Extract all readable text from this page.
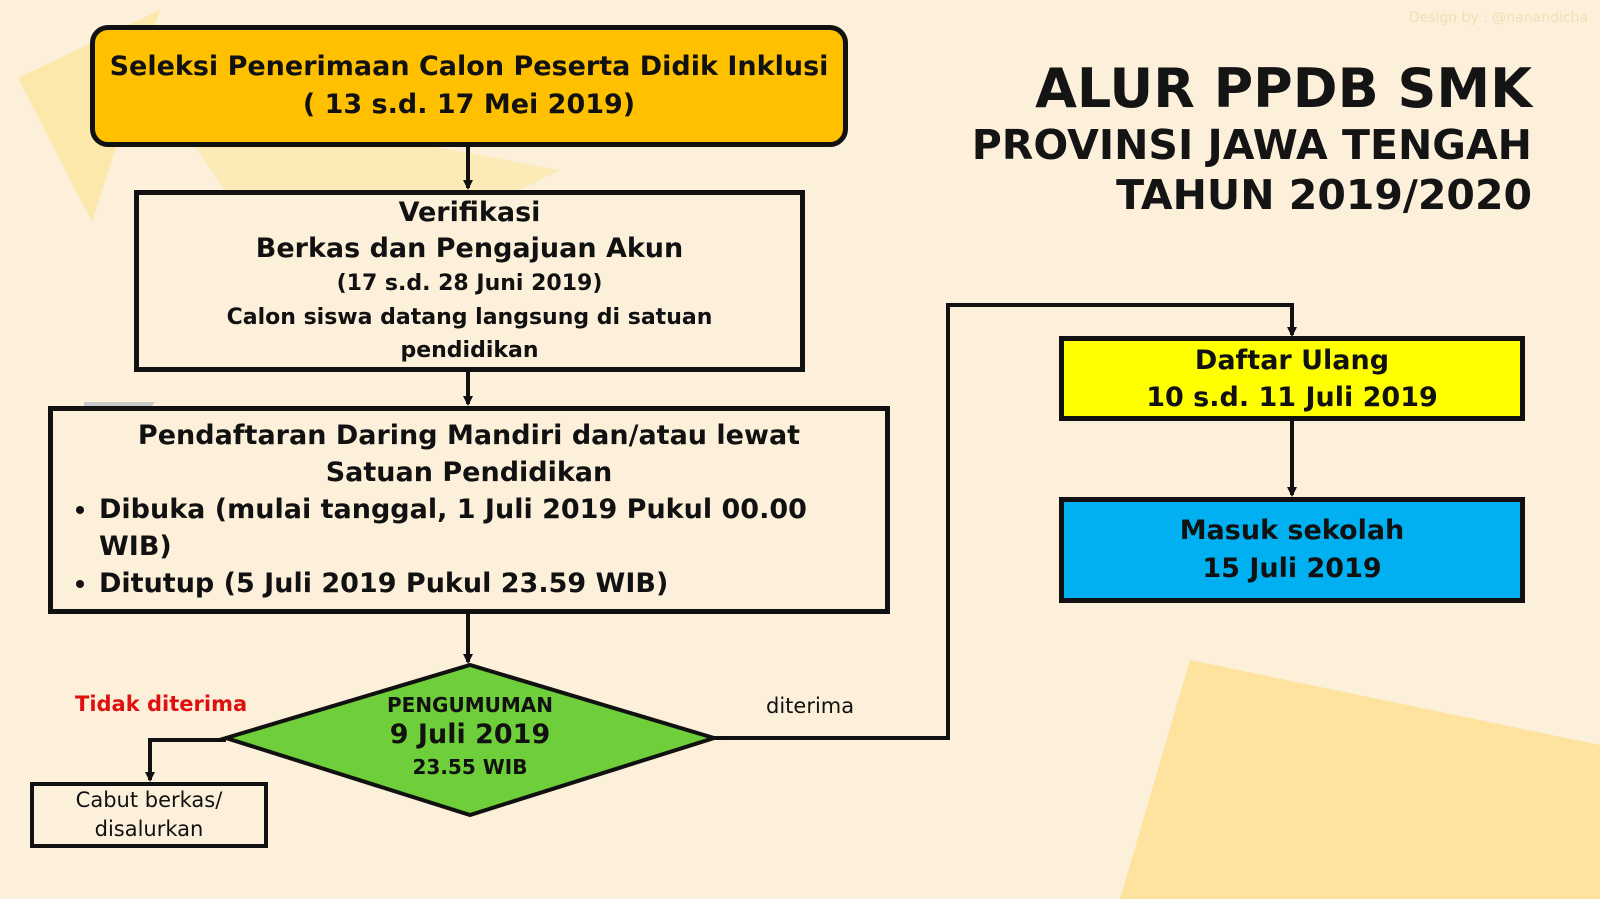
Design by : @nanandicha
ALUR PPDB SMK
PROVINSI JAWA TENGAH
TAHUN 2019/2020
Seleksi Penerimaan Calon Peserta Didik Inklusi
( 13 s.d. 17 Mei 2019)
Verifikasi
Berkas dan Pengajuan Akun
(17 s.d. 28 Juni 2019)
Calon siswa datang langsung di satuan pendidikan
Pendaftaran Daring Mandiri dan/atau lewat Satuan Pendidikan
• Dibuka (mulai tanggal, 1 Juli 2019 Pukul 00.00 WIB)
• Ditutup (5 Juli 2019 Pukul 23.59 WIB)
PENGUMUMAN
9 Juli 2019
23.55 WIB
Tidak diterima	diterima
Cabut berkas/
disalurkan
Daftar Ulang
10 s.d. 11 Juli 2019
Masuk sekolah
15 Juli 2019
